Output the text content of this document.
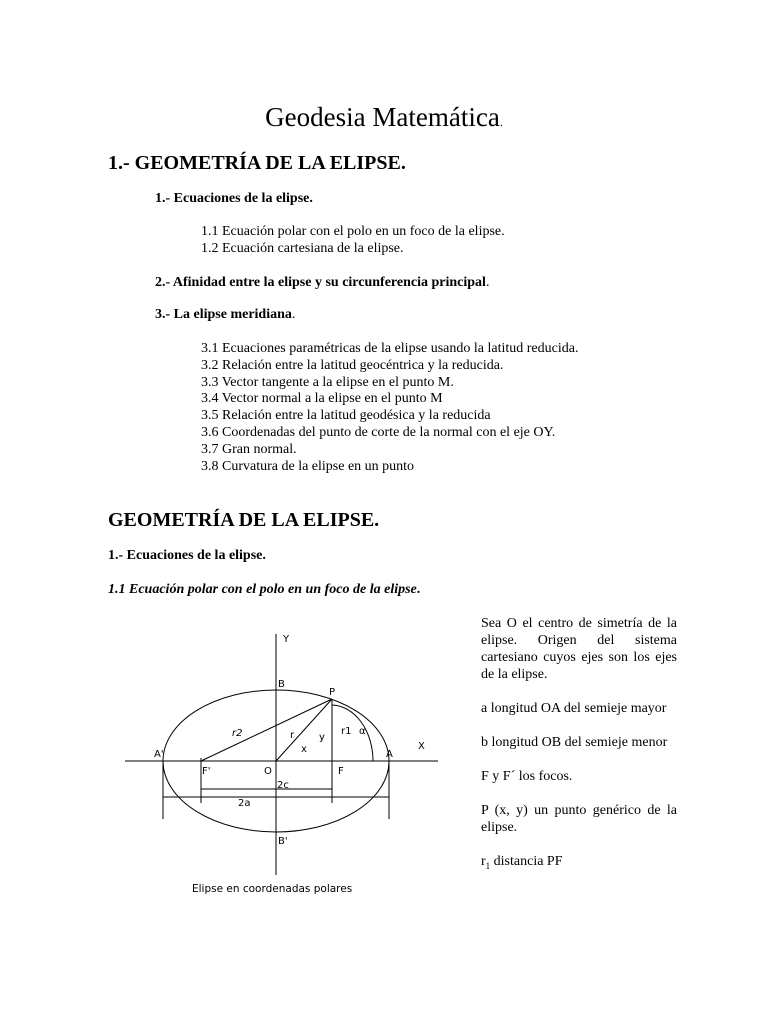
Geodesia Matemática.
1.- GEOMETRÍA DE LA ELIPSE.
1.- Ecuaciones de la elipse.
1.1 Ecuación polar con el polo en un foco de la elipse.
1.2 Ecuación cartesiana de la elipse.
2.- Afinidad entre la elipse y su circunferencia principal.
3.- La elipse meridiana.
3.1 Ecuaciones paramétricas de la elipse usando la latitud reducida.
3.2 Relación entre la latitud geocéntrica y la reducida.
3.3 Vector tangente a la elipse en el punto M.
3.4 Vector normal a la elipse en el punto M
3.5 Relación entre la latitud geodésica y la reducida
3.6 Coordenadas del punto de corte de la normal con el eje OY.
3.7 Gran normal.
3.8 Curvatura de la elipse en un punto
GEOMETRÍA DE LA ELIPSE.
1.- Ecuaciones de la elipse.
1.1 Ecuación polar con el polo en un foco de la elipse.

Sea O el centro de simetría de la elipse. Origen del sistema cartesiano cuyos ejes son los ejes de la elipse.

a longitud OA del semieje mayor

b longitud OB del semieje menor

F y F´ los focos.

P (x, y) un punto genérico de la elipse.

$r_1$ distancia PF

Y
X
B
B'
P
A
A'
F
F'	O
r1
r2	r
x
y
α
2c
2a
Elipse en coordenadas polares
